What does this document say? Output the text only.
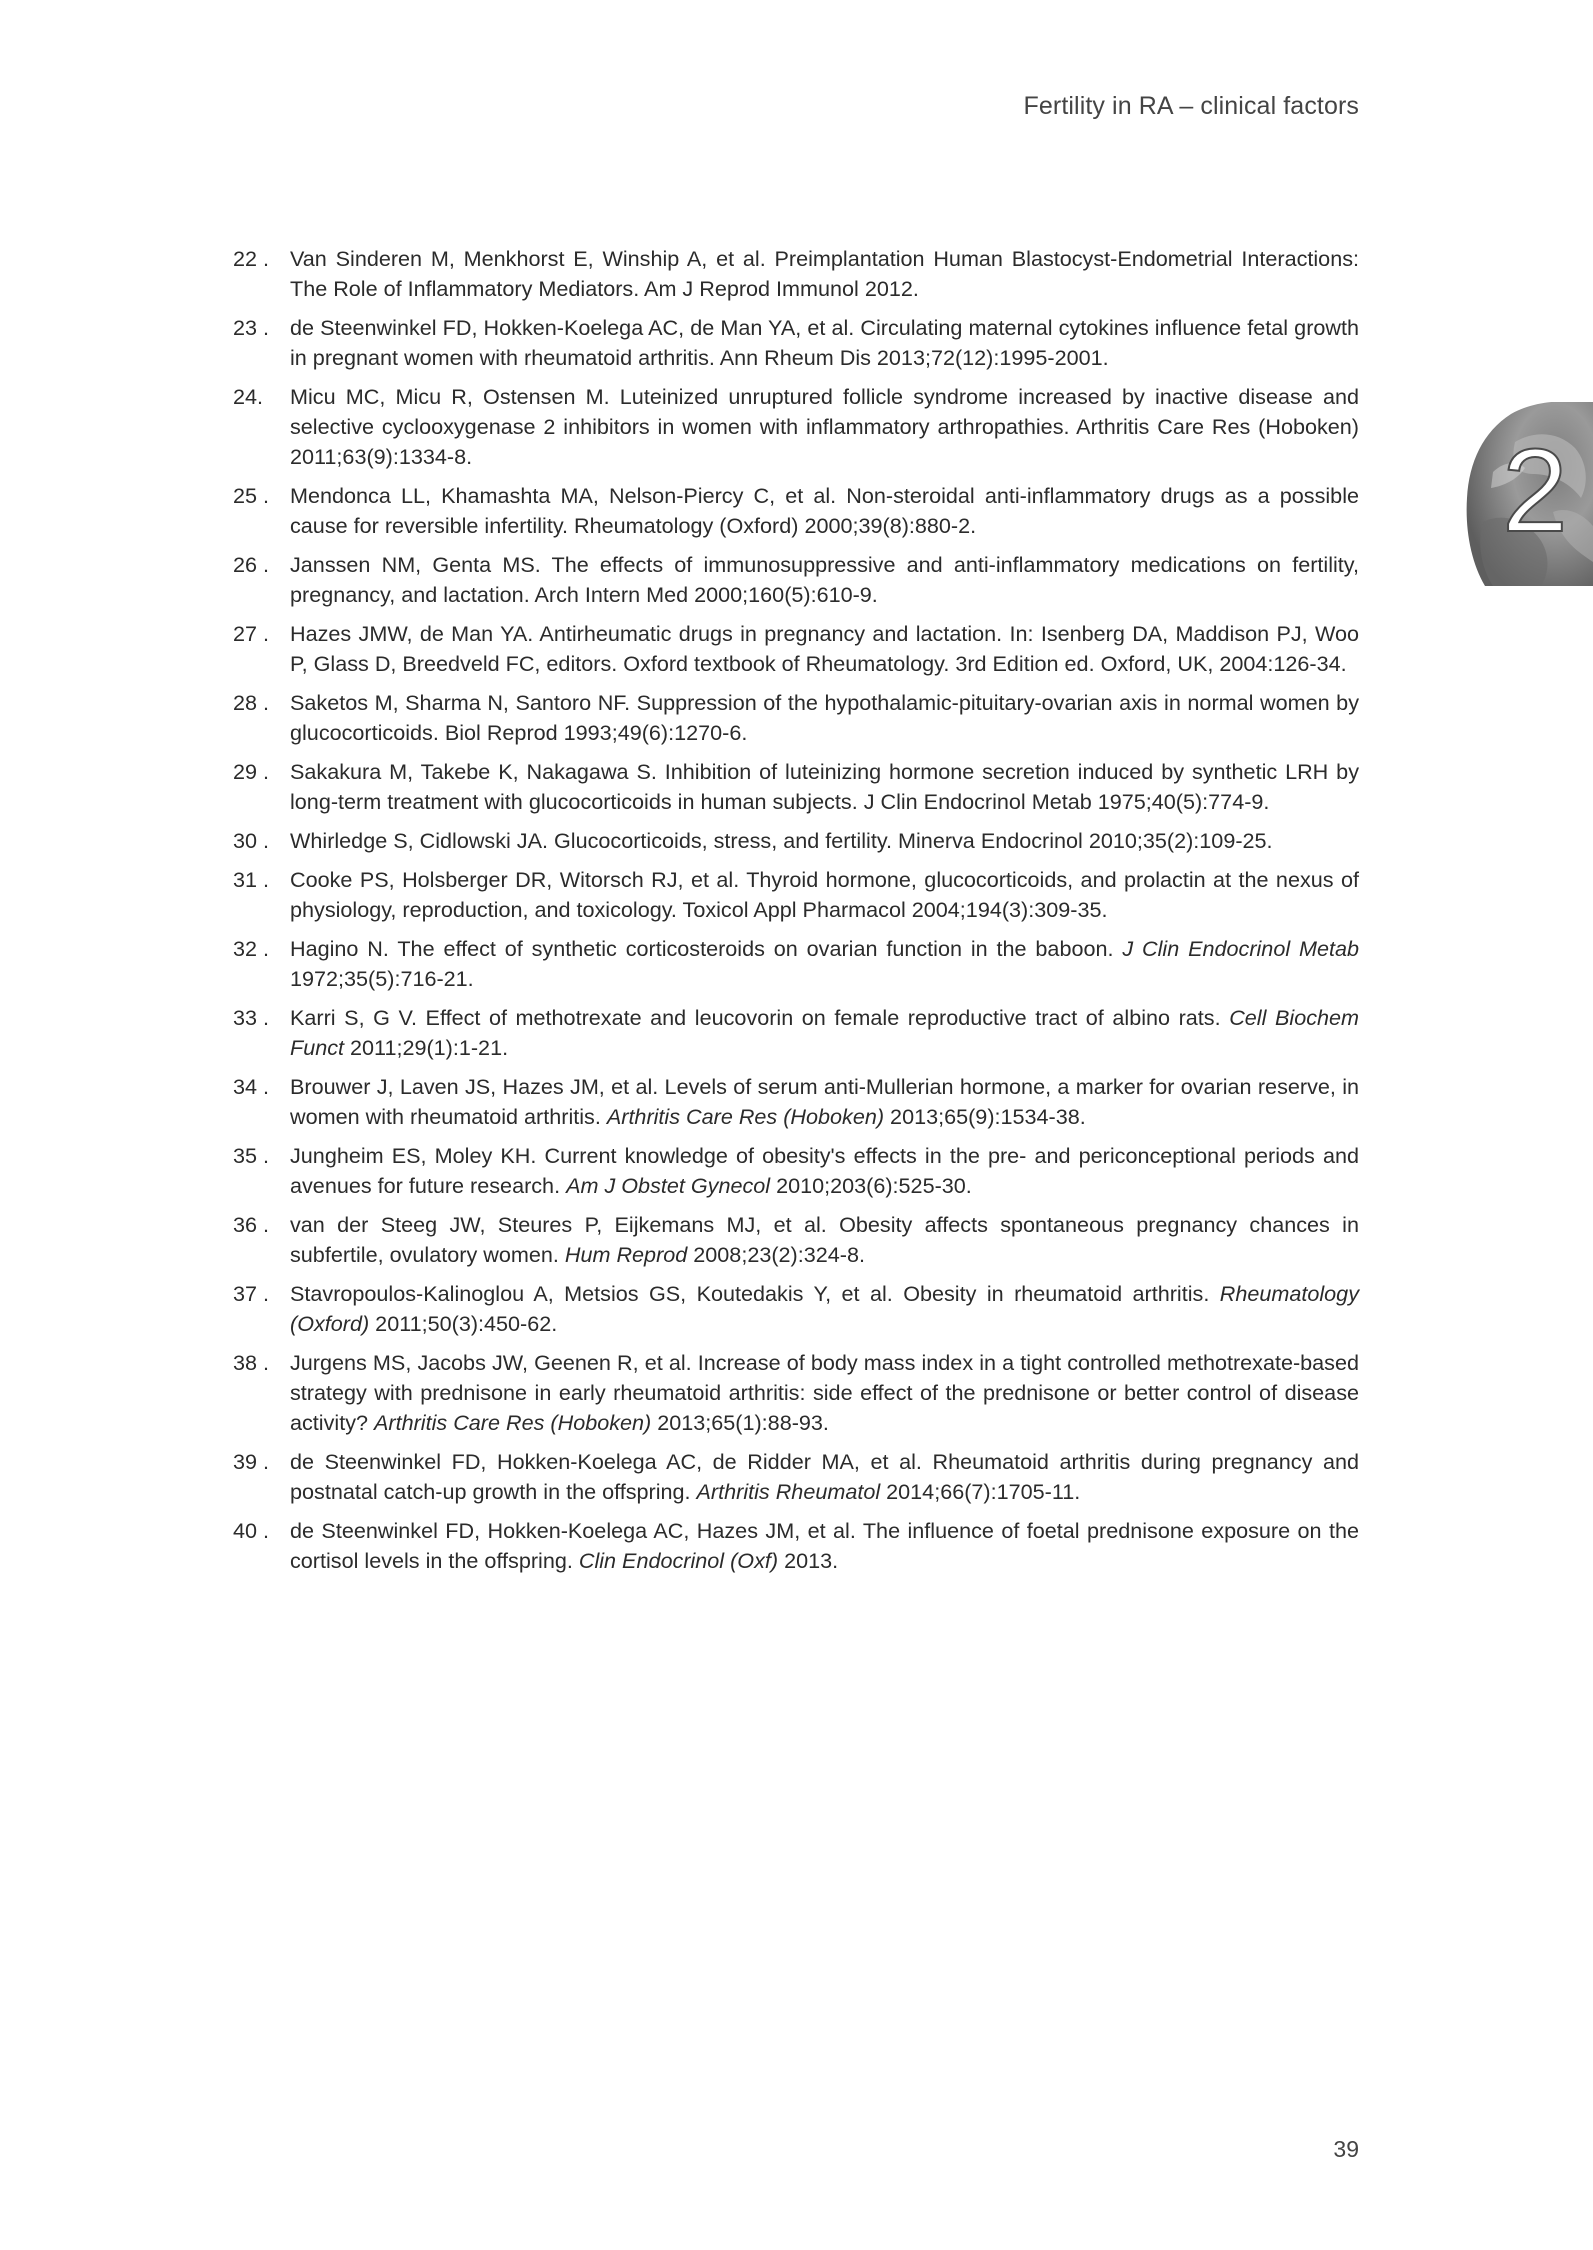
Fertility in RA – clinical factors
2
22 . Van Sinderen M, Menkhorst E, Winship A, et al. Preimplantation Human Blastocyst-Endometrial Interactions: The Role of Inflammatory Mediators. Am J Reprod Immunol 2012.
23 . de Steenwinkel FD, Hokken-Koelega AC, de Man YA, et al. Circulating maternal cytokines influence fetal growth in pregnant women with rheumatoid arthritis. Ann Rheum Dis 2013;72(12):1995-2001.
24.	Micu MC, Micu R, Ostensen M. Luteinized unruptured follicle syndrome increased by inactive disease and selective cyclooxygenase 2 inhibitors in women with inflammatory arthropathies. Arthritis Care Res (Hoboken) 2011;63(9):1334-8.
25 . Mendonca LL, Khamashta MA, Nelson-Piercy C, et al. Non-steroidal anti-inflammatory drugs as a possible cause for reversible infertility. Rheumatology (Oxford) 2000;39(8):880-2.
26 . Janssen NM, Genta MS. The effects of immunosuppressive and anti-inflammatory medications on fertility, pregnancy, and lactation. Arch Intern Med 2000;160(5):610-9.
27 . Hazes JMW, de Man YA. Antirheumatic drugs in pregnancy and lactation. In: Isenberg DA, Maddison PJ, Woo P, Glass D, Breedveld FC, editors. Oxford textbook of Rheumatology. 3rd Edition ed. Oxford, UK, 2004:126-34.
28 . Saketos M, Sharma N, Santoro NF. Suppression of the hypothalamic-pituitary-ovarian axis in normal women by glucocorticoids. Biol Reprod 1993;49(6):1270-6.
29 . Sakakura M, Takebe K, Nakagawa S. Inhibition of luteinizing hormone secretion induced by synthetic LRH by long-term treatment with glucocorticoids in human subjects. J Clin Endocrinol Metab 1975;40(5):774-9.
30 . Whirledge S, Cidlowski JA. Glucocorticoids, stress, and fertility. Minerva Endocrinol 2010;35(2):109-25.
31 . Cooke PS, Holsberger DR, Witorsch RJ, et al. Thyroid hormone, glucocorticoids, and prolactin at the nexus of physiology, reproduction, and toxicology. Toxicol Appl Pharmacol 2004;194(3):309-35.
32 . Hagino N. The effect of synthetic corticosteroids on ovarian function in the baboon. J Clin Endocrinol Metab 1972;35(5):716-21.
33 . Karri S, G V. Effect of methotrexate and leucovorin on female reproductive tract of albino rats. Cell Biochem Funct 2011;29(1):1-21.
34 . Brouwer J, Laven JS, Hazes JM, et al. Levels of serum anti-Mullerian hormone, a marker for ovarian reserve, in women with rheumatoid arthritis. Arthritis Care Res (Hoboken) 2013;65(9):1534-38.
35 . Jungheim ES, Moley KH. Current knowledge of obesity's effects in the pre- and periconceptional periods and avenues for future research. Am J Obstet Gynecol 2010;203(6):525-30.
36 . van der Steeg JW, Steures P, Eijkemans MJ, et al. Obesity affects spontaneous pregnancy chances in subfertile, ovulatory women. Hum Reprod 2008;23(2):324-8.
37 . Stavropoulos-Kalinoglou A, Metsios GS, Koutedakis Y, et al. Obesity in rheumatoid arthritis. Rheumatology (Oxford) 2011;50(3):450-62.
38 . Jurgens MS, Jacobs JW, Geenen R, et al. Increase of body mass index in a tight controlled methotrexate-based strategy with prednisone in early rheumatoid arthritis: side effect of the prednisone or better control of disease activity? Arthritis Care Res (Hoboken) 2013;65(1):88-93.
39 . de Steenwinkel FD, Hokken-Koelega AC, de Ridder MA, et al. Rheumatoid arthritis during pregnancy and postnatal catch-up growth in the offspring. Arthritis Rheumatol 2014;66(7):1705-11.
40 . de Steenwinkel FD, Hokken-Koelega AC, Hazes JM, et al. The influence of foetal prednisone exposure on the cortisol levels in the offspring. Clin Endocrinol (Oxf) 2013.
39
